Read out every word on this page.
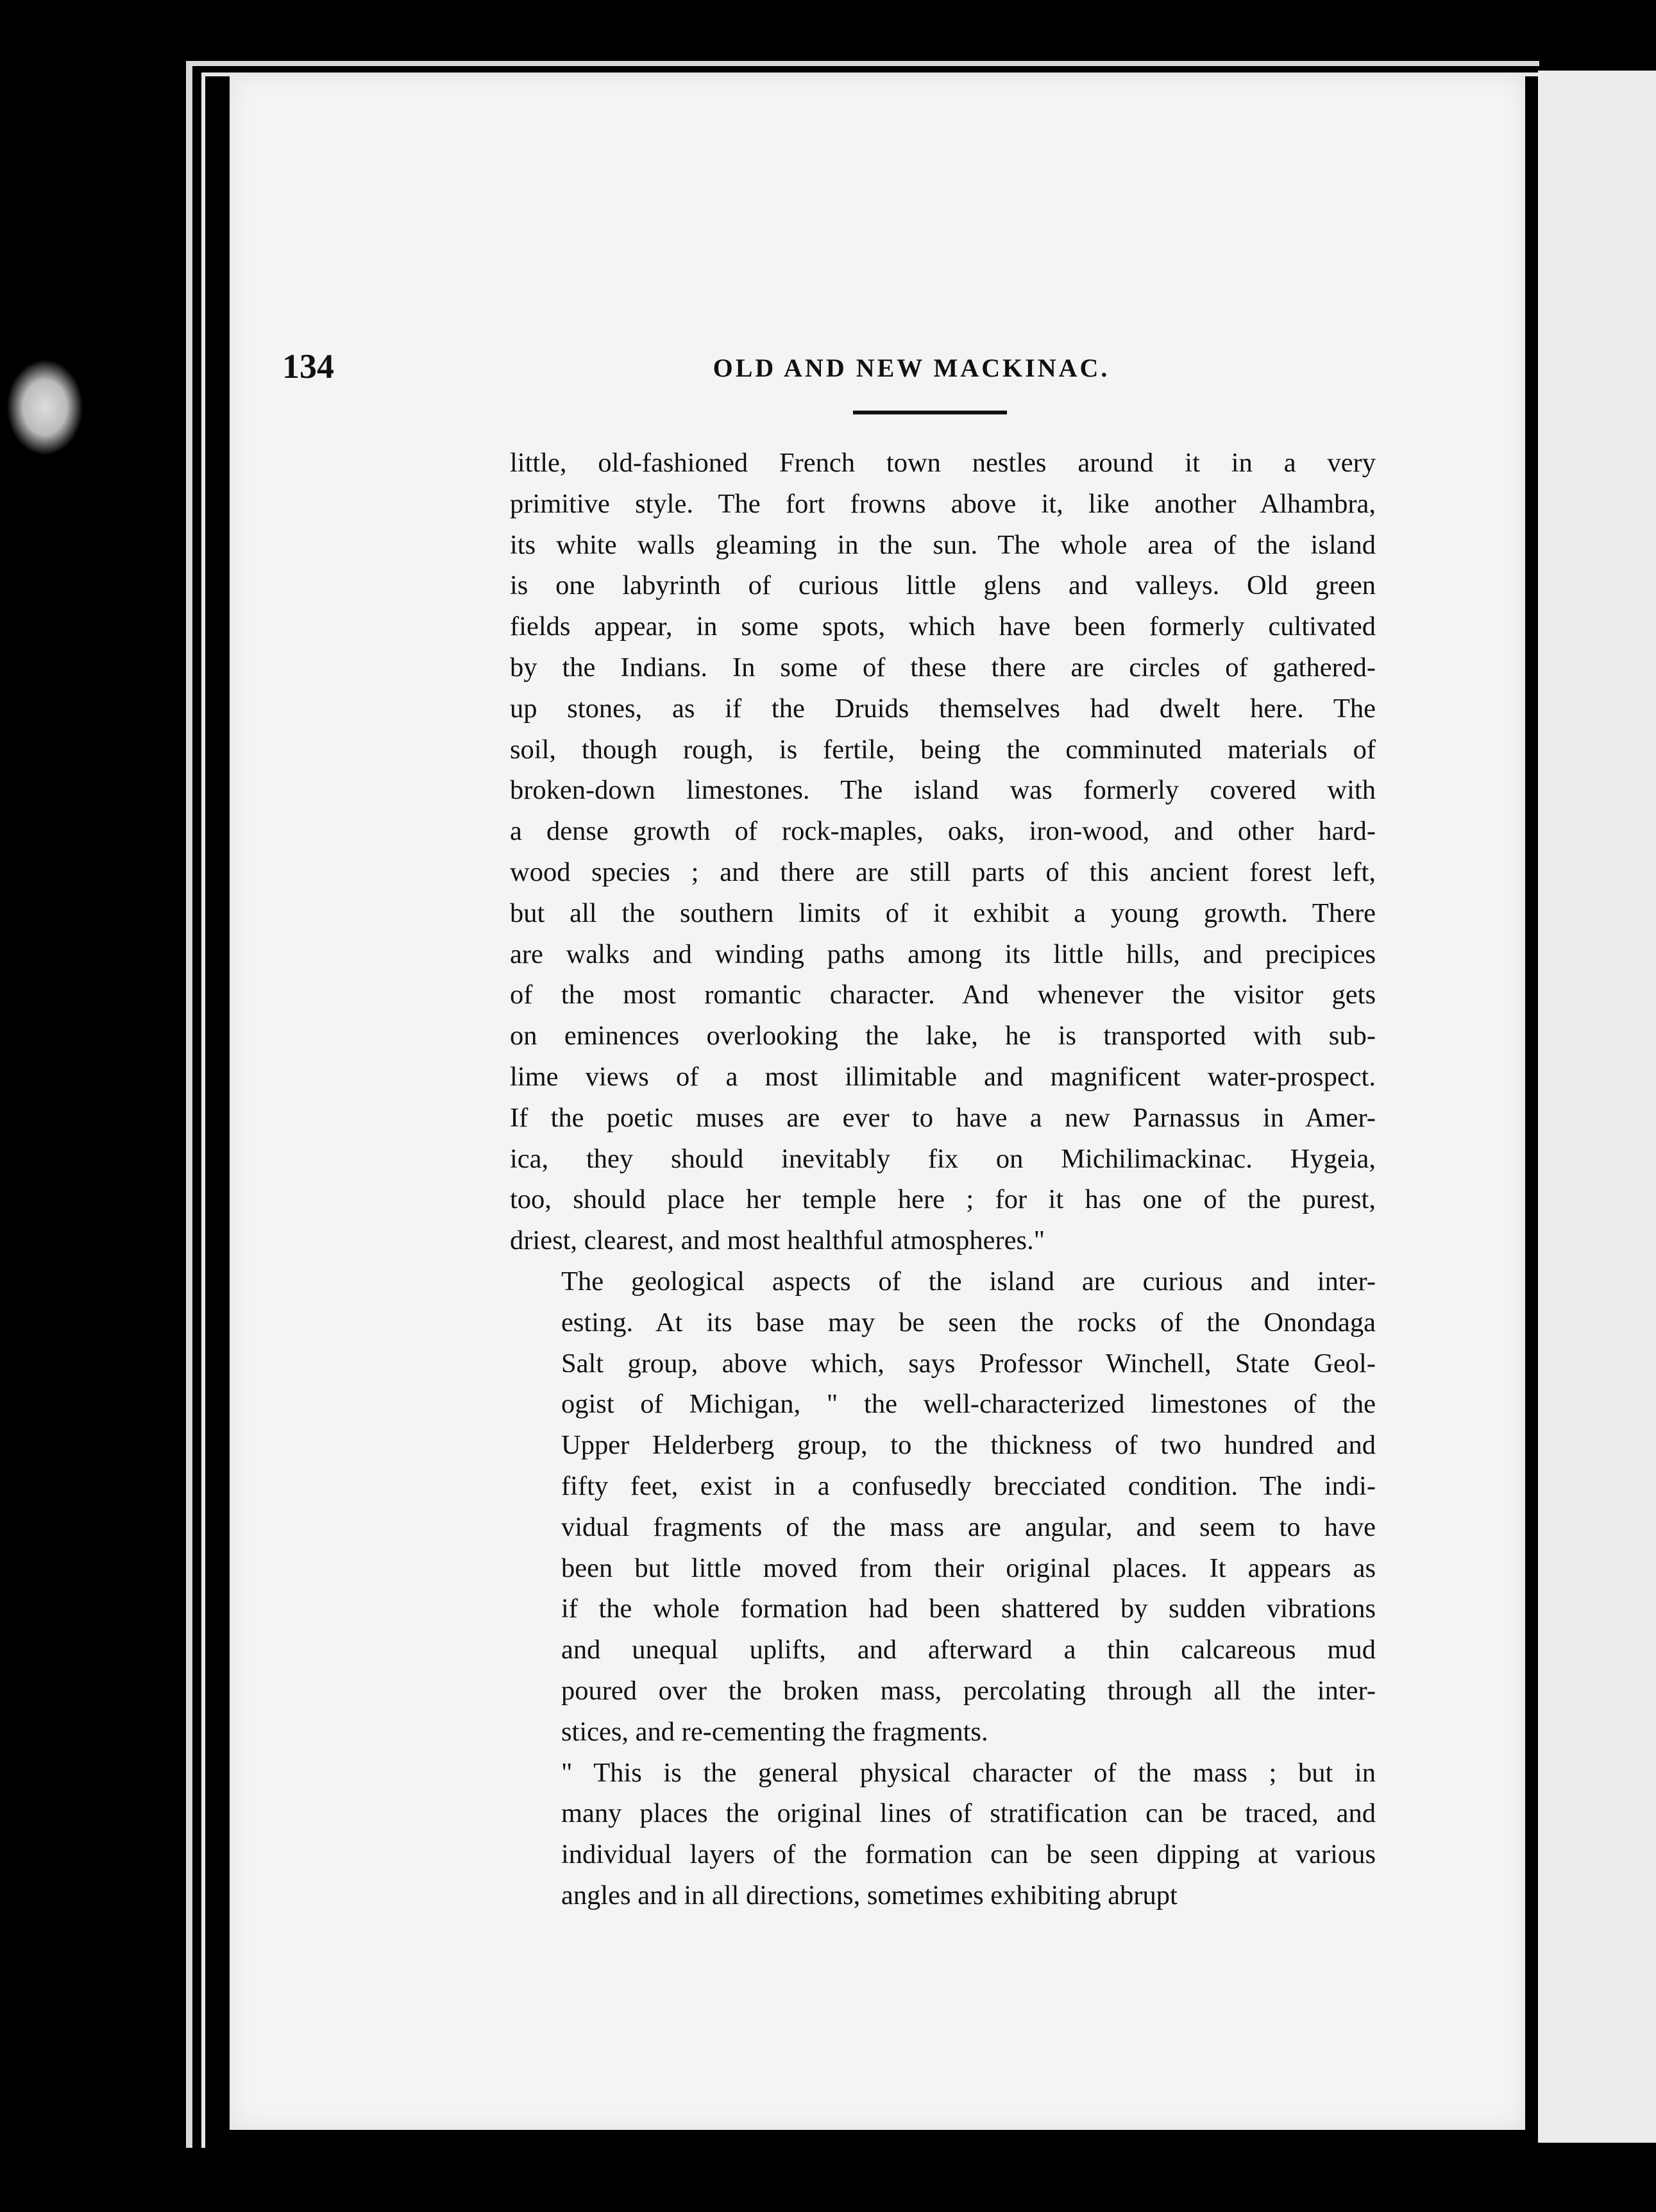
134	OLD AND NEW MACKINAC.

little, old-fashioned French town nestles around it in a very
primitive style. The fort frowns above it, like another Alhambra,
its white walls gleaming in the sun. The whole area of the island
is one labyrinth of curious little glens and valleys. Old green
fields appear, in some spots, which have been formerly cultivated
by the Indians. In some of these there are circles of gathered-
up stones, as if the Druids themselves had dwelt here. The
soil, though rough, is fertile, being the comminuted materials of
broken-down limestones. The island was formerly covered with
a dense growth of rock-maples, oaks, iron-wood, and other hard-
wood species ; and there are still parts of this ancient forest left,
but all the southern limits of it exhibit a young growth. There
are walks and winding paths among its little hills, and precipices
of the most romantic character. And whenever the visitor gets
on eminences overlooking the lake, he is transported with sub-
lime views of a most illimitable and magnificent water-prospect.
If the poetic muses are ever to have a new Parnassus in Amer-
ica, they should inevitably fix on Michilimackinac. Hygeia,
too, should place her temple here ; for it has one of the purest,
driest, clearest, and most healthful atmospheres."

The geological aspects of the island are curious and inter-
esting. At its base may be seen the rocks of the Onondaga
Salt group, above which, says Professor Winchell, State Geol-
ogist of Michigan, " the well-characterized limestones of the
Upper Helderberg group, to the thickness of two hundred and
fifty feet, exist in a confusedly brecciated condition. The indi-
vidual fragments of the mass are angular, and seem to have
been but little moved from their original places. It appears as
if the whole formation had been shattered by sudden vibrations
and unequal uplifts, and afterward a thin calcareous mud
poured over the broken mass, percolating through all the inter-
stices, and re-cementing the fragments.

" This is the general physical character of the mass ; but in
many places the original lines of stratification can be traced, and
individual layers of the formation can be seen dipping at various
angles and in all directions, sometimes exhibiting abrupt
